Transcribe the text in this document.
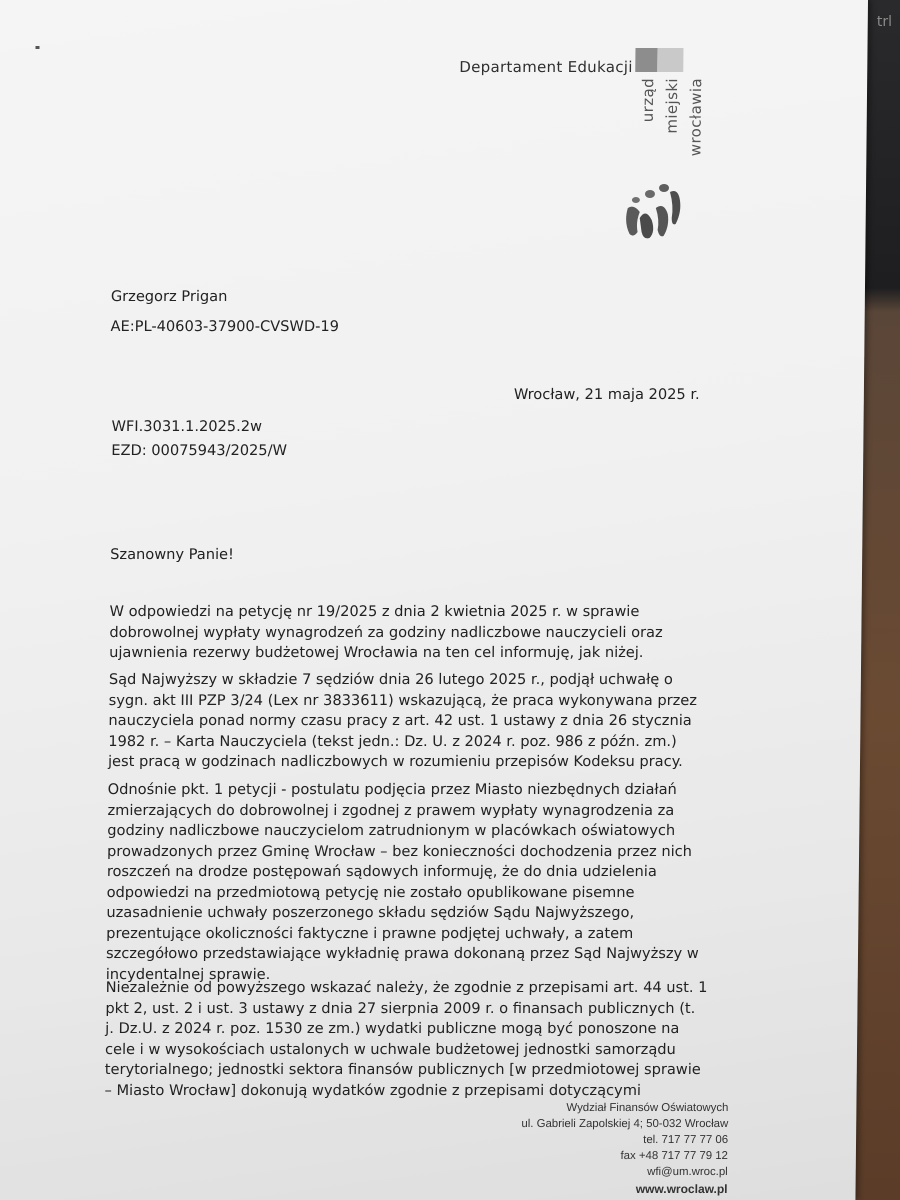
trl
Departament Edukacji
urząd miejski wrocławia
Grzegorz Prigan
AE:PL-40603-37900-CVSWD-19
Wrocław, 21 maja 2025 r.
WFI.3031.1.2025.2w
EZD: 00075943/2025/W
Szanowny Panie!
W odpowiedzi na petycję nr 19/2025 z dnia 2 kwietnia 2025 r. w sprawie
dobrowolnej wypłaty wynagrodzeń za godziny nadliczbowe nauczycieli oraz
ujawnienia rezerwy budżetowej Wrocławia na ten cel informuję, jak niżej.
Sąd Najwyższy w składzie 7 sędziów dnia 26 lutego 2025 r., podjął uchwałę o
sygn. akt III PZP 3/24 (Lex nr 3833611) wskazującą, że praca wykonywana przez
nauczyciela ponad normy czasu pracy z art. 42 ust. 1 ustawy z dnia 26 stycznia
1982 r. – Karta Nauczyciela (tekst jedn.: Dz. U. z 2024 r. poz. 986 z późn. zm.)
jest pracą w godzinach nadliczbowych w rozumieniu przepisów Kodeksu pracy.
Odnośnie pkt. 1 petycji - postulatu podjęcia przez Miasto niezbędnych działań
zmierzających do dobrowolnej i zgodnej z prawem wypłaty wynagrodzenia za
godziny nadliczbowe nauczycielom zatrudnionym w placówkach oświatowych
prowadzonych przez Gminę Wrocław – bez konieczności dochodzenia przez nich
roszczeń na drodze postępowań sądowych informuję, że do dnia udzielenia
odpowiedzi na przedmiotową petycję nie zostało opublikowane pisemne
uzasadnienie uchwały poszerzonego składu sędziów Sądu Najwyższego,
prezentujące okoliczności faktyczne i prawne podjętej uchwały, a zatem
szczegółowo przedstawiające wykładnię prawa dokonaną przez Sąd Najwyższy w
incydentalnej sprawie.
Niezależnie od powyższego wskazać należy, że zgodnie z przepisami art. 44 ust. 1
pkt 2, ust. 2 i ust. 3 ustawy z dnia 27 sierpnia 2009 r. o finansach publicznych (t.
j. Dz.U. z 2024 r. poz. 1530 ze zm.) wydatki publiczne mogą być ponoszone na
cele i w wysokościach ustalonych w uchwale budżetowej jednostki samorządu
terytorialnego; jednostki sektora finansów publicznych [w przedmiotowej sprawie
– Miasto Wrocław] dokonują wydatków zgodnie z przepisami dotyczącymi
Wydział Finansów Oświatowych
ul. Gabrieli Zapolskiej 4; 50-032 Wrocław
tel. 717 77 77 06
fax +48 717 77 79 12
wfi@um.wroc.pl
www.wroclaw.pl
